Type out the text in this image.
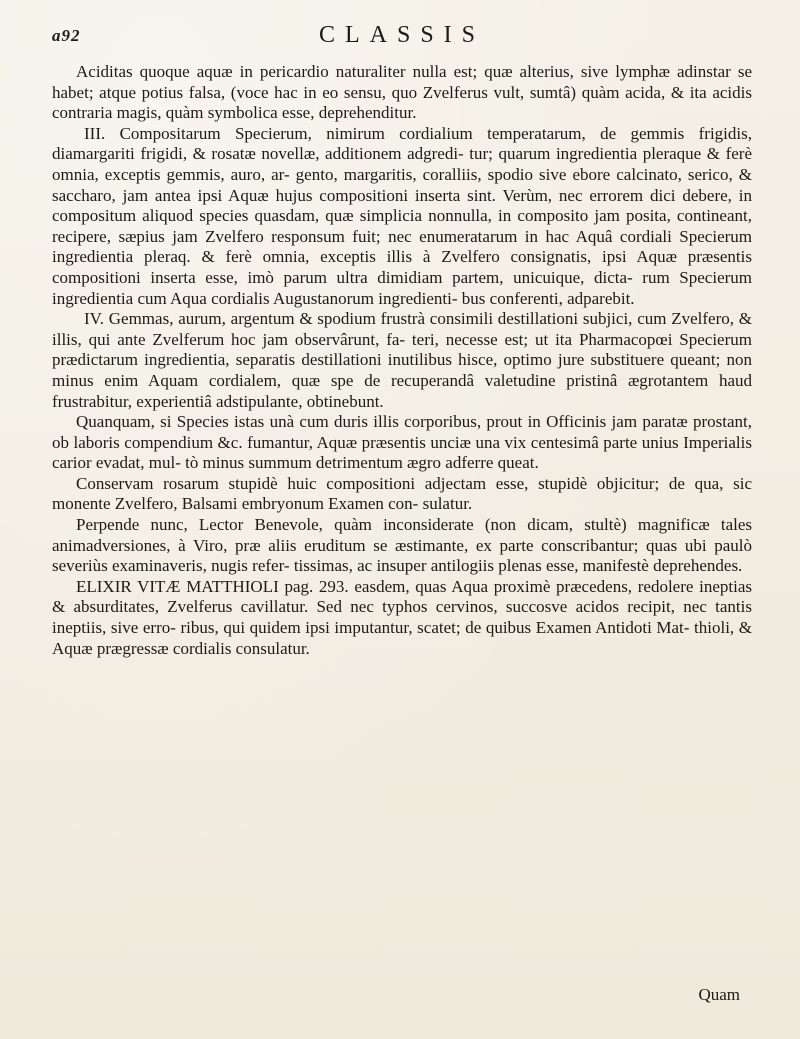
a92	CLASSIS

Aciditas quoque aquæ in pericardio naturaliter nulla est; quæ alterius, sive lymphæ adinstar se habet; atque potius falsa, (voce hac in eo sensu, quo Zvelferus vult, sumtâ) quàm acida, & ita acidis contraria magis, quàm symbolica esse, deprehenditur.

III. Compositarum Specierum, nimirum cordialium temperatarum, de gemmis frigidis, diamargariti frigidi, & rosatæ novellæ, additionem adgredi- tur; quarum ingredientia pleraque & ferè omnia, exceptis gemmis, auro, ar- gento, margaritis, coralliis, spodio sive ebore calcinato, serico, & saccharo, jam antea ipsi Aquæ hujus compositioni inserta sint. Verùm, nec errorem dici debere, in compositum aliquod species quasdam, quæ simplicia nonnulla, in composito jam posita, contineant, recipere, sæpius jam Zvelfero responsum fuit; nec enumeratarum in hac Aquâ cordiali Specierum ingredientia pleraq. & ferè omnia, exceptis illis à Zvelfero consignatis, ipsi Aquæ præsentis compositioni inserta esse, imò parum ultra dimidiam partem, unicuique, dicta- rum Specierum ingredientia cum Aqua cordialis Augustanorum ingredienti- bus conferenti, adparebit.

IV. Gemmas, aurum, argentum & spodium frustrà consimili destillationi subjici, cum Zvelfero, & illis, qui ante Zvelferum hoc jam observârunt, fa- teri, necesse est; ut ita Pharmacopœi Specierum prædictarum ingredientia, separatis destillationi inutilibus hisce, optimo jure substituere queant; non minus enim Aquam cordialem, quæ spe de recuperandâ valetudine pristinâ ægrotantem haud frustrabitur, experientiâ adstipulante, obtinebunt.

Quanquam, si Species istas unà cum duris illis corporibus, prout in Officinis jam paratæ prostant, ob laboris compendium &c. fumantur, Aquæ præsentis unciæ una vix centesimâ parte unius Imperialis carior evadat, mul- tò minus summum detrimentum ægro adferre queat.

Conservam rosarum stupidè huic compositioni adjectam esse, stupidè objicitur; de qua, sic monente Zvelfero, Balsami embryonum Examen con- sulatur.

Perpende nunc, Lector Benevole, quàm inconsiderate (non dicam, stultè) magnificæ tales animadversiones, à Viro, præ aliis eruditum se æstimante, ex parte conscribantur; quas ubi paulò severiùs examinaveris, nugis refer- tissimas, ac insuper antilogiis plenas esse, manifestè deprehendes.

ELIXIR VITÆ MATTHIOLI pag. 293. easdem, quas Aqua proximè præcedens, redolere ineptias & absurditates, Zvelferus cavillatur. Sed nec typhos cervinos, succosve acidos recipit, nec tantis ineptiis, sive erro- ribus, qui quidem ipsi imputantur, scatet; de quibus Examen Antidoti Mat- thioli, & Aquæ prægressæ cordialis consulatur.

Quam
